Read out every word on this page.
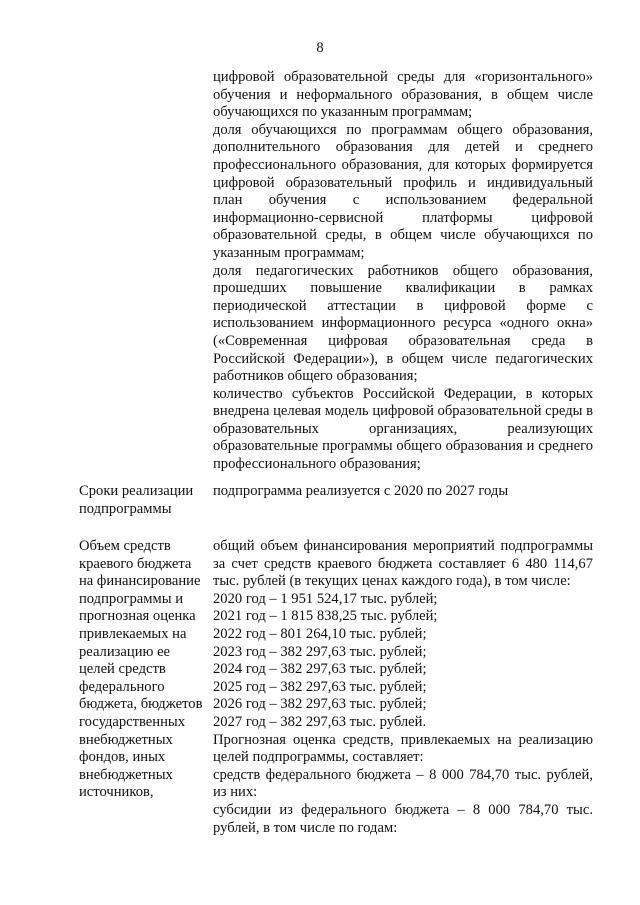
8

цифровой образовательной среды для «горизонтального» обучения и неформального образования, в общем числе обучающихся по указанным программам;

доля обучающихся по программам общего образования, дополнительного образования для детей и среднего профессионального образования, для которых формируется цифровой образовательный профиль и индивидуальный план обучения с использованием федеральной информационно-сервисной платформы цифровой образовательной среды, в общем числе обучающихся по указанным программам;

доля педагогических работников общего образования, прошедших повышение квалификации в рамках периодической аттестации в цифровой форме с использованием информационного ресурса «одного окна» («Современная цифровая образовательная среда в Российской Федерации»), в общем числе педагогических работников общего образования;

количество субъектов Российской Федерации, в которых внедрена целевая модель цифровой образовательной среды в образовательных организациях, реализующих образовательные программы общего образования и среднего профессионального образования;

Сроки реализации подпрограммы

подпрограмма реализуется с 2020 по 2027 годы

Объем средств краевого бюджета на финансирование подпрограммы и прогнозная оценка привлекаемых на реализацию ее целей средств федерального бюджета, бюджетов государственных внебюджетных фондов, иных внебюджетных источников,

общий объем финансирования мероприятий подпрограммы за счет средств краевого бюджета составляет 6 480 114,67 тыс. рублей (в текущих ценах каждого года), в том числе:

2020 год – 1 951 524,17 тыс. рублей;

2021 год – 1 815 838,25 тыс. рублей;

2022 год – 801 264,10 тыс. рублей;

2023 год – 382 297,63 тыс. рублей;

2024 год – 382 297,63 тыс. рублей;

2025 год – 382 297,63 тыс. рублей;

2026 год – 382 297,63 тыс. рублей;

2027 год – 382 297,63 тыс. рублей.

Прогнозная оценка средств, привлекаемых на реализацию целей подпрограммы, составляет:

средств федерального бюджета – 8 000 784,70 тыс. рублей, из них:

субсидии из федерального бюджета – 8 000 784,70 тыс. рублей, в том числе по годам:
